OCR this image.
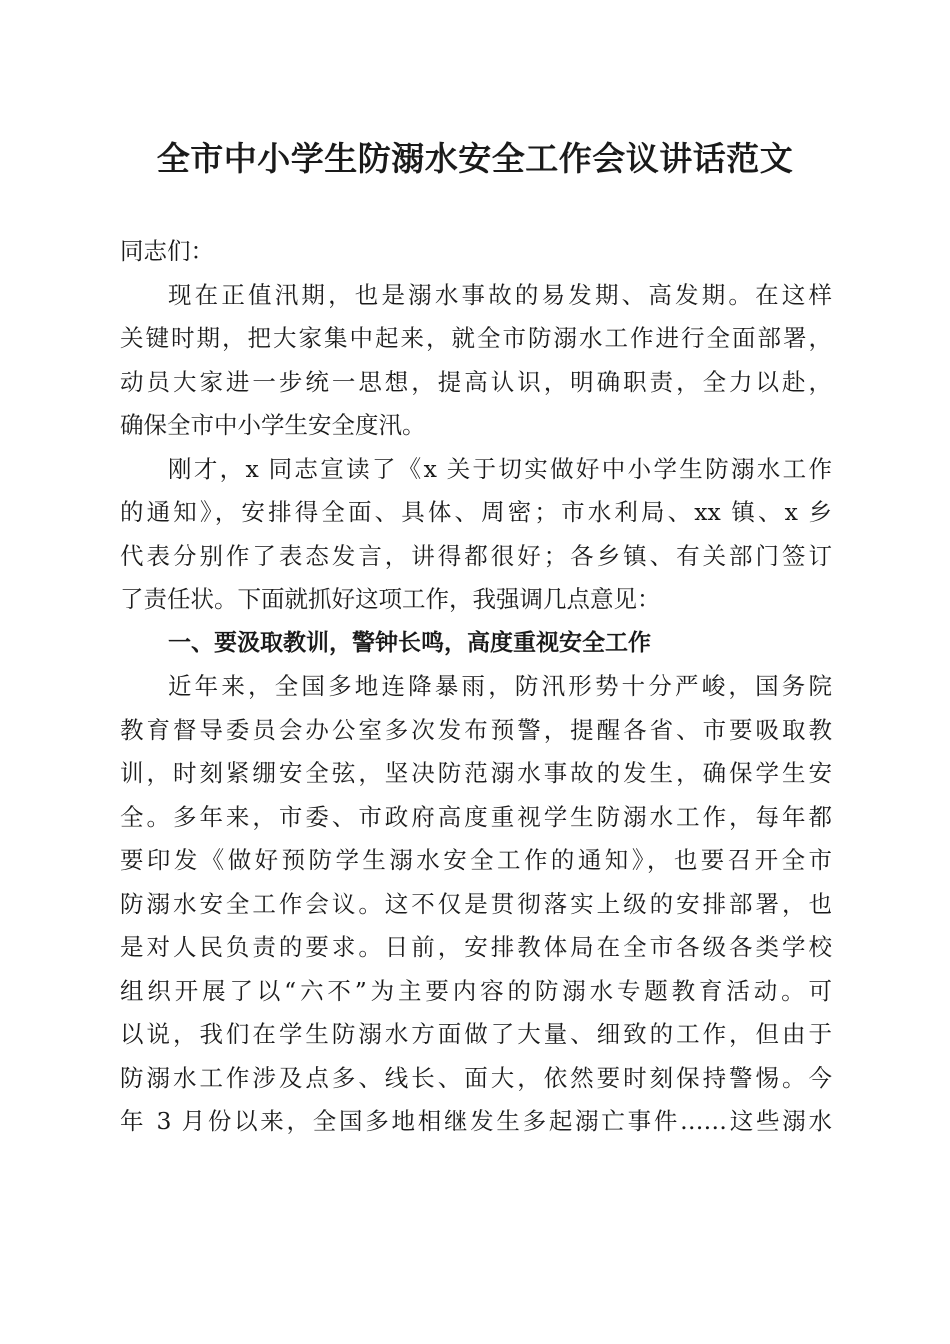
全市中小学生防溺水安全工作会议讲话范文
同志们：
现在正值汛期，也是溺水事故的易发期、高发期。在这样
关键时期，把大家集中起来，就全市防溺水工作进行全面部署，
动员大家进一步统一思想，提高认识，明确职责，全力以赴，
确保全市中小学生安全度汛。
刚才，x 同志宣读了《x 关于切实做好中小学生防溺水工作
的通知》，安排得全面、具体、周密；市水利局、xx 镇、x 乡
代表分别作了表态发言，讲得都很好；各乡镇、有关部门签订
了责任状。下面就抓好这项工作，我强调几点意见：
一、要汲取教训，警钟长鸣，高度重视安全工作
近年来，全国多地连降暴雨，防汛形势十分严峻，国务院
教育督导委员会办公室多次发布预警，提醒各省、市要吸取教
训，时刻紧绷安全弦，坚决防范溺水事故的发生，确保学生安
全。多年来，市委、市政府高度重视学生防溺水工作，每年都
要印发《做好预防学生溺水安全工作的通知》，也要召开全市
防溺水安全工作会议。这不仅是贯彻落实上级的安排部署，也
是对人民负责的要求。日前，安排教体局在全市各级各类学校
组织开展了以“六不”为主要内容的防溺水专题教育活动。可
以说，我们在学生防溺水方面做了大量、细致的工作，但由于
防溺水工作涉及点多、线长、面大，依然要时刻保持警惕。今
年 3 月份以来，全国多地相继发生多起溺亡事件……这些溺水
